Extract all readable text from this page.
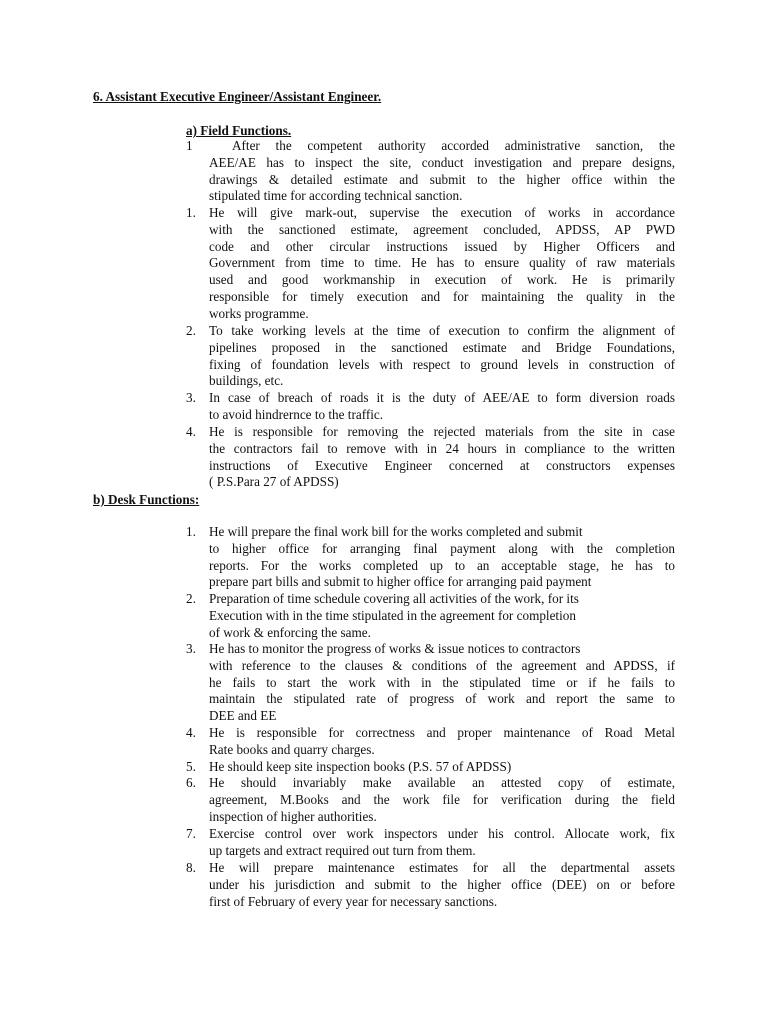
6. Assistant Executive Engineer/Assistant Engineer.
a) Field Functions.
1	After the competent authority accorded administrative sanction, the
AEE/AE has to inspect the site, conduct investigation and prepare designs,
drawings & detailed estimate and submit to the higher office within the
stipulated time for according technical sanction.
1. He will give mark-out, supervise the execution of works in accordance
with the sanctioned estimate, agreement concluded, APDSS, AP PWD
code and other circular instructions issued by Higher Officers and
Government from time to time. He has to ensure quality of raw materials
used and good workmanship in execution of work. He is primarily
responsible for timely execution and for maintaining the quality in the
works programme.
2. To take working levels at the time of execution to confirm the alignment of
pipelines proposed in the sanctioned estimate and Bridge Foundations,
fixing of foundation levels with respect to ground levels in construction of
buildings, etc.
3. In case of breach of roads it is the duty of AEE/AE to form diversion roads
to avoid hindrernce to the traffic.
4. He is responsible for removing the rejected materials from the site in case
the contractors fail to remove with in 24 hours in compliance to the written
instructions of Executive Engineer concerned at constructors expenses
( P.S.Para 27 of APDSS)
b) Desk Functions:
1. He will prepare the final work bill for the works completed and submit
to higher office for arranging final payment along with the completion
reports. For the works completed up to an acceptable stage, he has to
prepare part bills and submit to higher office for arranging paid payment
2. Preparation of time schedule covering all activities of the work, for its
Execution with in the time stipulated in the agreement for completion
of work & enforcing the same.
3. He has to monitor the progress of works & issue notices to contractors
with reference to the clauses & conditions of the agreement and APDSS, if
he fails to start the work with in the stipulated time or if he fails to
maintain the stipulated rate of progress of work and report the same to
DEE and EE
4. He is responsible for correctness and proper maintenance of Road Metal
Rate books and quarry charges.
5. He should keep site inspection books (P.S. 57 of APDSS)
6. He should invariably make available an attested copy of estimate,
agreement, M.Books and the work file for verification during the field
inspection of higher authorities.
7. Exercise control over work inspectors under his control. Allocate work, fix
up targets and extract required out turn from them.
8. He will prepare maintenance estimates for all the departmental assets
under his jurisdiction and submit to the higher office (DEE) on or before
first of February of every year for necessary sanctions.
